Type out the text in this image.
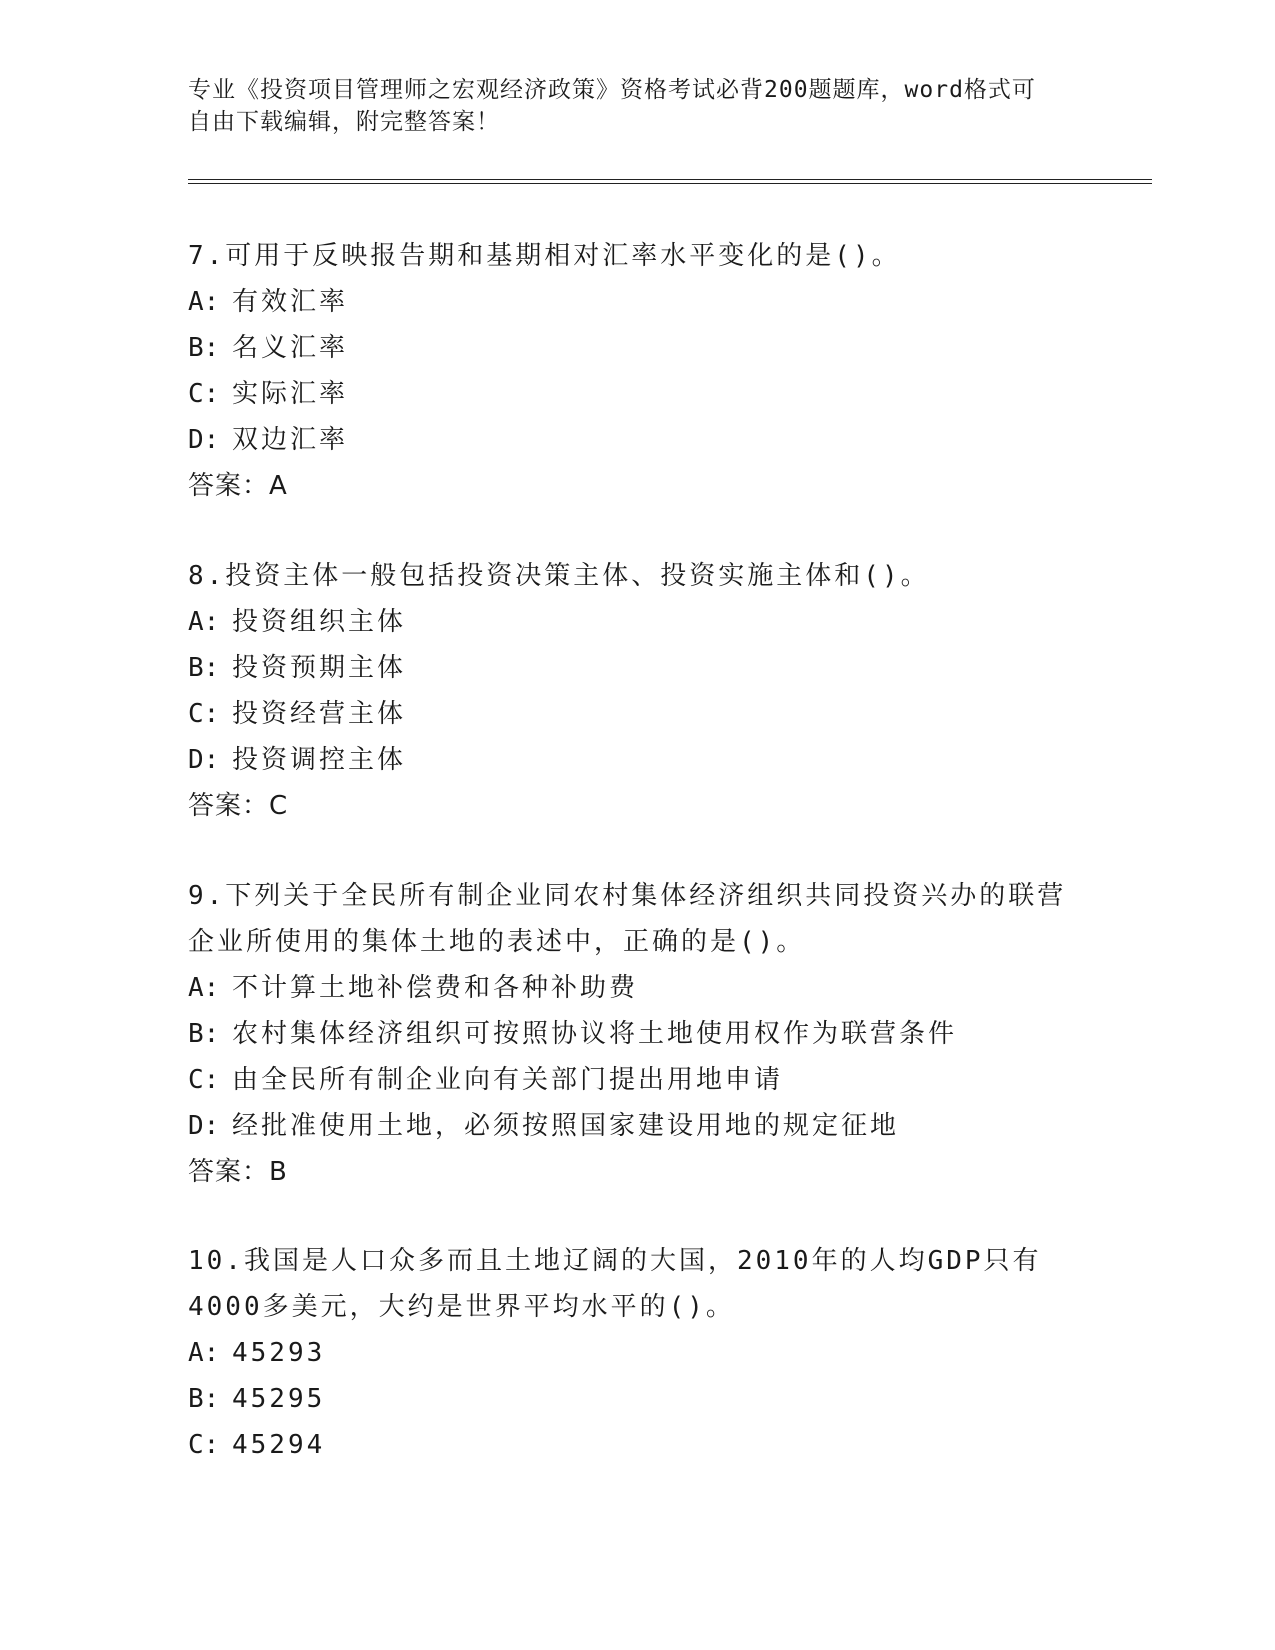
专业《投资项目管理师之宏观经济政策》资格考试必背200题题库，word格式可
自由下载编辑，附完整答案！

7.可用于反映报告期和基期相对汇率水平变化的是()。

A: 有效汇率

B: 名义汇率

C: 实际汇率

D: 双边汇率

答案：A

8.投资主体一般包括投资决策主体、投资实施主体和()。

A: 投资组织主体

B: 投资预期主体

C: 投资经营主体

D: 投资调控主体

答案：C

9.下列关于全民所有制企业同农村集体经济组织共同投资兴办的联营

企业所使用的集体土地的表述中，正确的是()。

A: 不计算土地补偿费和各种补助费

B: 农村集体经济组织可按照协议将土地使用权作为联营条件

C: 由全民所有制企业向有关部门提出用地申请

D: 经批准使用土地，必须按照国家建设用地的规定征地

答案：B

10.我国是人口众多而且土地辽阔的大国，2010年的人均GDP只有

4000多美元，大约是世界平均水平的()。

A: 45293

B: 45295

C: 45294
